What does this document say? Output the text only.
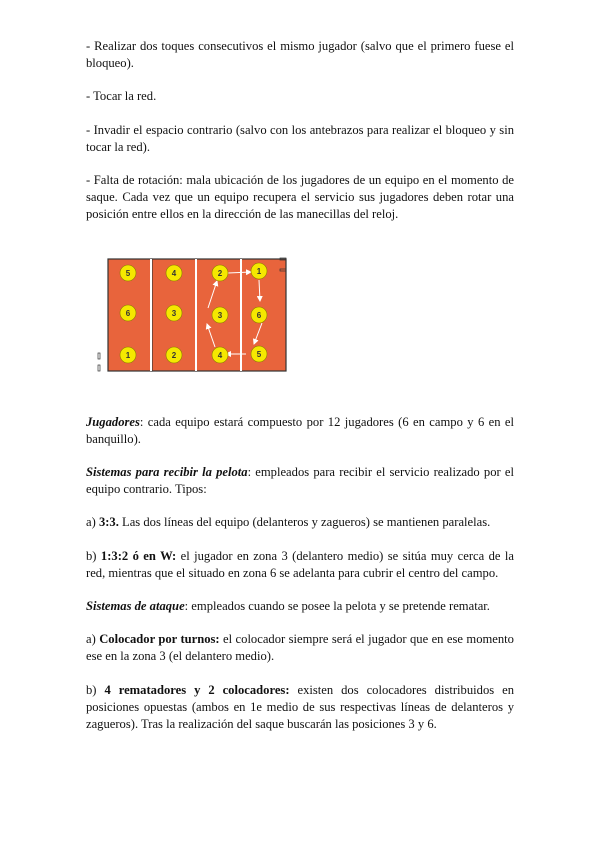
- Realizar dos toques consecutivos el mismo jugador (salvo que el primero fuese el bloqueo).

- Tocar la red.

- Invadir el espacio contrario (salvo con los antebrazos para realizar el bloqueo y sin tocar la red).

- Falta de rotación: mala ubicación de los jugadores de un equipo en el momento de saque. Cada vez que un equipo recupera el servicio sus jugadores deben rotar una posición entre ellos en la dirección de las manecillas del reloj.

Jugadores: cada equipo estará compuesto por 12 jugadores (6 en campo y 6 en el banquillo).

Sistemas para recibir la pelota: empleados para recibir el servicio realizado por el equipo contrario. Tipos:

a) 3:3. Las dos líneas del equipo (delanteros y zagueros) se mantienen paralelas.

b) 1:3:2 ó en W: el jugador en zona 3 (delantero medio) se sitúa muy cerca de la red, mientras que el situado en zona 6 se adelanta para cubrir el centro del campo.

Sistemas de ataque: empleados cuando se posee la pelota y se pretende rematar.

a) Colocador por turnos: el colocador siempre será el jugador que en ese momento ese en la zona 3 (el delantero medio).

b) 4 rematadores y 2 colocadores: existen dos colocadores distribuidos en posiciones opuestas (ambos en 1e medio de sus respectivas líneas de delanteros y zagueros). Tras la realización del saque buscarán las posiciones 3 y 6.

5
6
1
4
3
2
2
3
4
1
6
5
